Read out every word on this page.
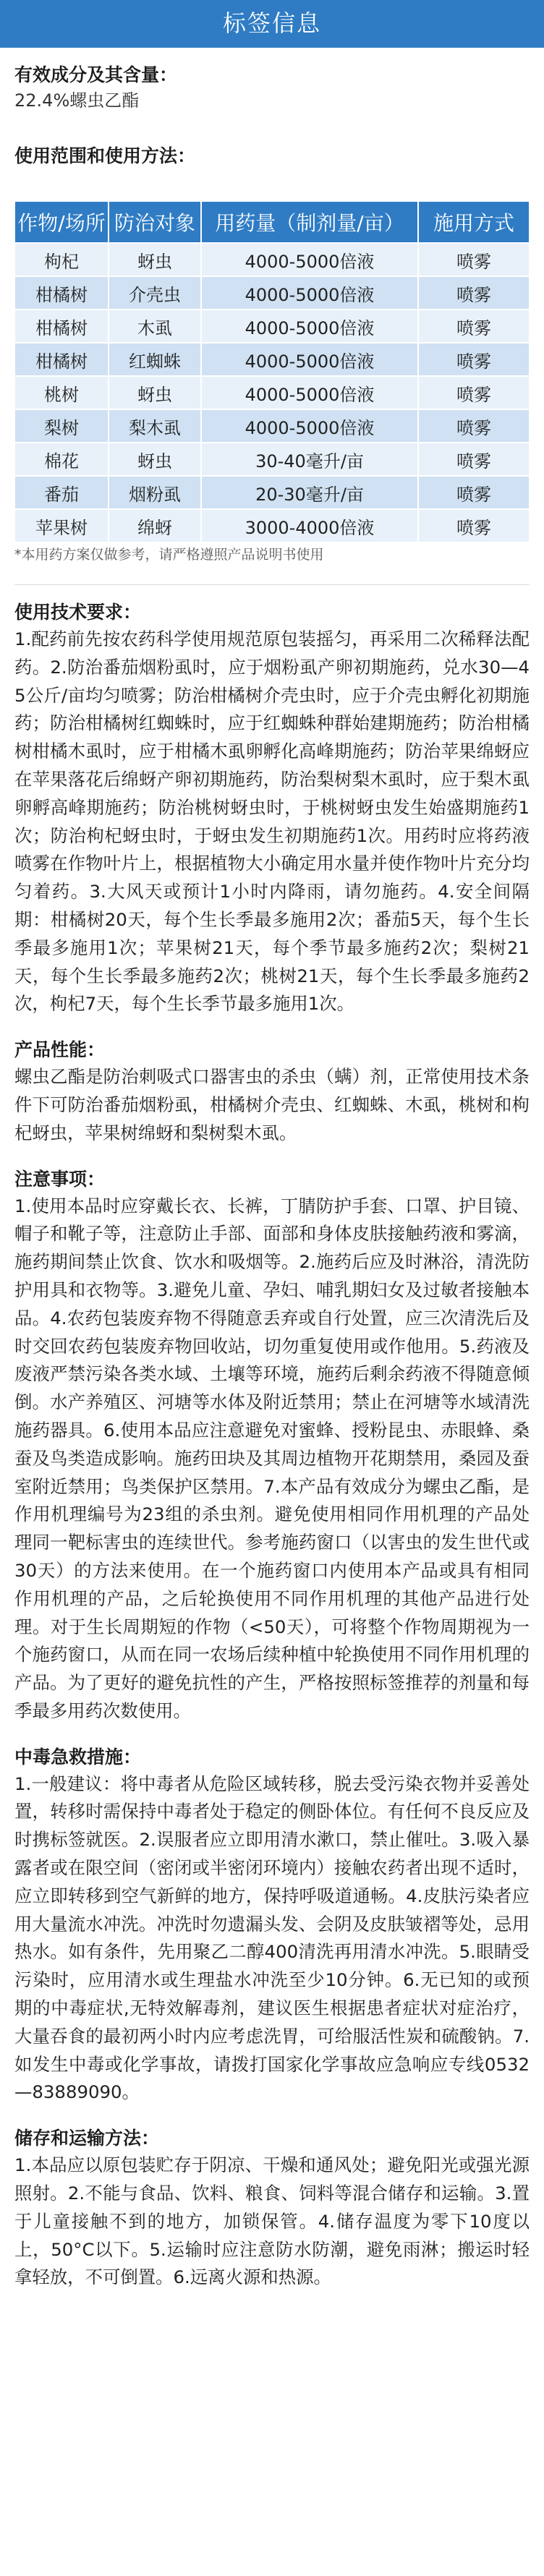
标签信息
有效成分及其含量：
22.4%螺虫乙酯
使用范围和使用方法：
作物/场所	防治对象	用药量（制剂量/亩）	施用方式
枸杞	蚜虫	4000-5000倍液	喷雾
柑橘树	介壳虫	4000-5000倍液	喷雾
柑橘树	木虱	4000-5000倍液	喷雾
柑橘树	红蜘蛛	4000-5000倍液	喷雾
桃树	蚜虫	4000-5000倍液	喷雾
梨树	梨木虱	4000-5000倍液	喷雾
棉花	蚜虫	30-40毫升/亩	喷雾
番茄	烟粉虱	20-30毫升/亩	喷雾
苹果树	绵蚜	3000-4000倍液	喷雾
*本用药方案仅做参考，请严格遵照产品说明书使用
使用技术要求：
1.配药前先按农药科学使用规范原包装摇匀，再采用二次稀释法配药。2.防治番茄烟粉虱时，应于烟粉虱产卵初期施药，兑水30—45公斤/亩均匀喷雾；防治柑橘树介壳虫时，应于介壳虫孵化初期施药；防治柑橘树红蜘蛛时，应于红蜘蛛种群始建期施药；防治柑橘树柑橘木虱时，应于柑橘木虱卵孵化高峰期施药；防治苹果绵蚜应在苹果落花后绵蚜产卵初期施药，防治梨树梨木虱时，应于梨木虱卵孵高峰期施药；防治桃树蚜虫时，于桃树蚜虫发生始盛期施药1次；防治枸杞蚜虫时，于蚜虫发生初期施药1次。用药时应将药液喷雾在作物叶片上，根据植物大小确定用水量并使作物叶片充分均匀着药。3.大风天或预计1小时内降雨，请勿施药。4.安全间隔期：柑橘树20天，每个生长季最多施用2次；番茄5天，每个生长季最多施用1次；苹果树21天，每个季节最多施药2次；梨树21天，每个生长季最多施药2次；桃树21天，每个生长季最多施药2次，枸杞7天，每个生长季节最多施用1次。
产品性能：
螺虫乙酯是防治刺吸式口器害虫的杀虫（螨）剂，正常使用技术条件下可防治番茄烟粉虱，柑橘树介壳虫、红蜘蛛、木虱，桃树和枸杞蚜虫，苹果树绵蚜和梨树梨木虱。
注意事项：
1.使用本品时应穿戴长衣、长裤，丁腈防护手套、口罩、护目镜、帽子和靴子等，注意防止手部、面部和身体皮肤接触药液和雾滴，施药期间禁止饮食、饮水和吸烟等。2.施药后应及时淋浴，清洗防护用具和衣物等。3.避免儿童、孕妇、哺乳期妇女及过敏者接触本品。4.农药包装废弃物不得随意丢弃或自行处置，应三次清洗后及时交回农药包装废弃物回收站，切勿重复使用或作他用。5.药液及废液严禁污染各类水域、土壤等环境，施药后剩余药液不得随意倾倒。水产养殖区、河塘等水体及附近禁用；禁止在河塘等水域清洗施药器具。6.使用本品应注意避免对蜜蜂、授粉昆虫、赤眼蜂、桑蚕及鸟类造成影响。施药田块及其周边植物开花期禁用，桑园及蚕室附近禁用；鸟类保护区禁用。7.本产品有效成分为螺虫乙酯，是作用机理编号为23组的杀虫剂。避免使用相同作用机理的产品处理同一靶标害虫的连续世代。参考施药窗口（以害虫的发生世代或30天）的方法来使用。在一个施药窗口内使用本产品或具有相同作用机理的产品，之后轮换使用不同作用机理的其他产品进行处理。对于生长周期短的作物（<50天），可将整个作物周期视为一个施药窗口，从而在同一农场后续种植中轮换使用不同作用机理的产品。为了更好的避免抗性的产生，严格按照标签推荐的剂量和每季最多用药次数使用。
中毒急救措施：
1.一般建议：将中毒者从危险区域转移，脱去受污染衣物并妥善处置，转移时需保持中毒者处于稳定的侧卧体位。有任何不良反应及时携标签就医。2.误服者应立即用清水漱口，禁止催吐。3.吸入暴露者或在限空间（密闭或半密闭环境内）接触农药者出现不适时，应立即转移到空气新鲜的地方，保持呼吸道通畅。4.皮肤污染者应用大量流水冲洗。冲洗时勿遗漏头发、会阴及皮肤皱褶等处，忌用热水。如有条件，先用聚乙二醇400清洗再用清水冲洗。5.眼睛受污染时，应用清水或生理盐水冲洗至少10分钟。6.无已知的或预期的中毒症状,无特效解毒剂，建议医生根据患者症状对症治疗，大量吞食的最初两小时内应考虑洗胃，可给服活性炭和硫酸钠。7.如发生中毒或化学事故，请拨打国家化学事故应急响应专线0532—83889090。
储存和运输方法：
1.本品应以原包装贮存于阴凉、干燥和通风处；避免阳光或强光源照射。2.不能与食品、饮料、粮食、饲料等混合储存和运输。3.置于儿童接触不到的地方，加锁保管。4.储存温度为零下10度以上，50°C以下。5.运输时应注意防水防潮，避免雨淋；搬运时轻拿轻放，不可倒置。6.远离火源和热源。
